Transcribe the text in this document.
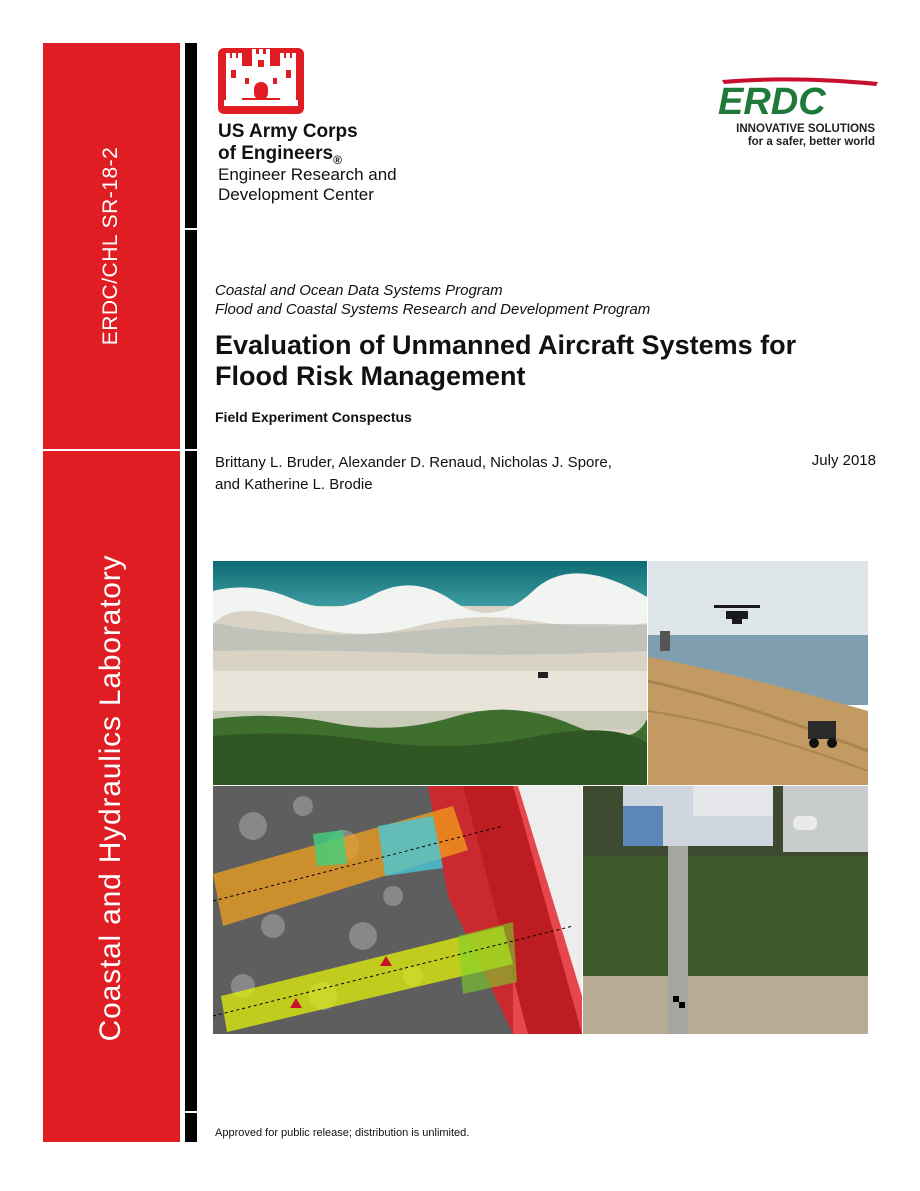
ERDC/CHL SR-18-2
Coastal and Hydraulics Laboratory
US Army Corps
of Engineers$_®$
Engineer Research and
Development Center
ERDC
INNOVATIVE SOLUTIONS
for a safer, better world
Coastal and Ocean Data Systems Program
Flood and Coastal Systems Research and Development Program
Evaluation of Unmanned Aircraft Systems for
Flood Risk Management
Field Experiment Conspectus
Brittany L. Bruder, Alexander D. Renaud, Nicholas J. Spore,
and Katherine L. Brodie
July 2018
Approved for public release; distribution is unlimited.
